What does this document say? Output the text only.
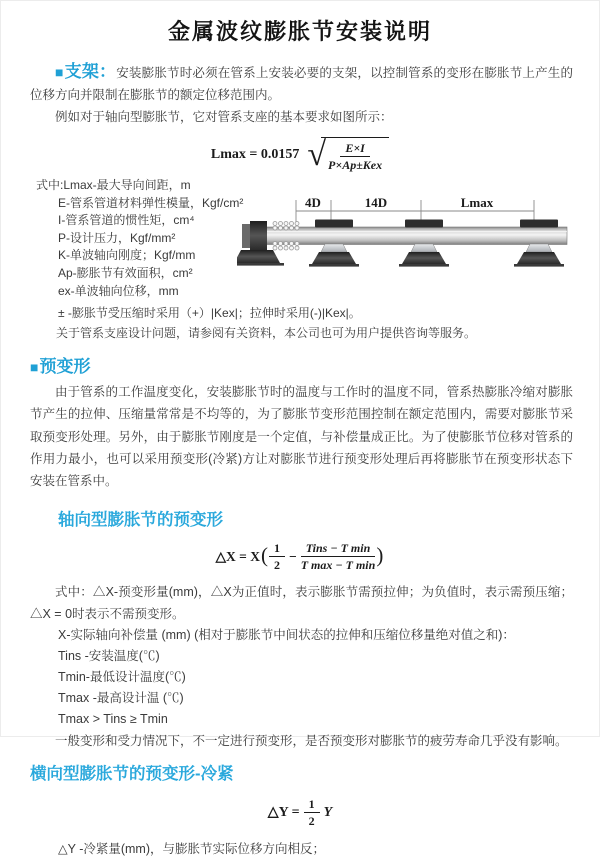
金属波纹膨胀节安装说明

■支架：安装膨胀节时必须在管系上安装必要的支架，以控制管系的变形在膨胀节上产生的位移方向并限制在膨胀节的额定位移范围内。

例如对于轴向型膨胀节，它对管系支座的基本要求如图所示：

Lmax = 0.0157 √ $\frac{E\times I}{\text{P×Ap±Kex}}$
式中:Lmax-最大导向间距，m
E-管系管道材料弹性模量，Kgf/cm²
I-管系管道的惯性矩，cm⁴
P-设计压力，Kgf/mm²
K-单波轴向刚度；Kgf/mm
Ap-膨胀节有效面积，cm²
ex-单波轴向位移，mm
± -膨胀节受压缩时采用（+）|Kex|；拉伸时采用(-)|Kex|。
关于管系支座设计问题，请参阅有关资料，本公司也可为用户提供咨询等服务。
4D	14D	Lmax

■预变形

由于管系的工作温度变化，安装膨胀节时的温度与工作时的温度不同，管系热膨胀冷缩对膨胀节产生的拉伸、压缩量常常是不均等的，为了膨胀节变形范围控制在额定范围内，需要对膨胀节采取预变形处理。另外，由于膨胀节刚度是一个定值，与补偿量成正比。为了使膨胀节位移对管系的作用力最小，也可以采用预变形(冷紧)方让对膨胀节进行预变形处理后再将膨胀节在预变形状态下安装在管系中。

轴向型膨胀节的预变形
△X = X ( $\frac{1}{2} - \frac{\text{Tins − T min}}{\text{T max − T min}}$ )

式中：△X-预变形量(mm)，△X为正值时，表示膨胀节需预拉伸；为负值时，表示需预压缩；△X = 0时表示不需预变形。

X-实际轴向补偿量 (mm) (相对于膨胀节中间状态的拉伸和压缩位移量绝对值之和)：
Tins -安装温度(℃)
Tmin-最低设计温度(℃)
Tmax -最高设计温 (℃)
Tmax > Tins ≥ Tmin

一般变形和受力情况下，不一定进行预变形，是否预变形对膨胀节的疲劳寿命几乎没有影响。

横向型膨胀节的预变形-冷紧
△Y = $\frac{1}{2}$ Y

△Y -冷紧量(mm)，与膨胀节实际位移方向相反；
